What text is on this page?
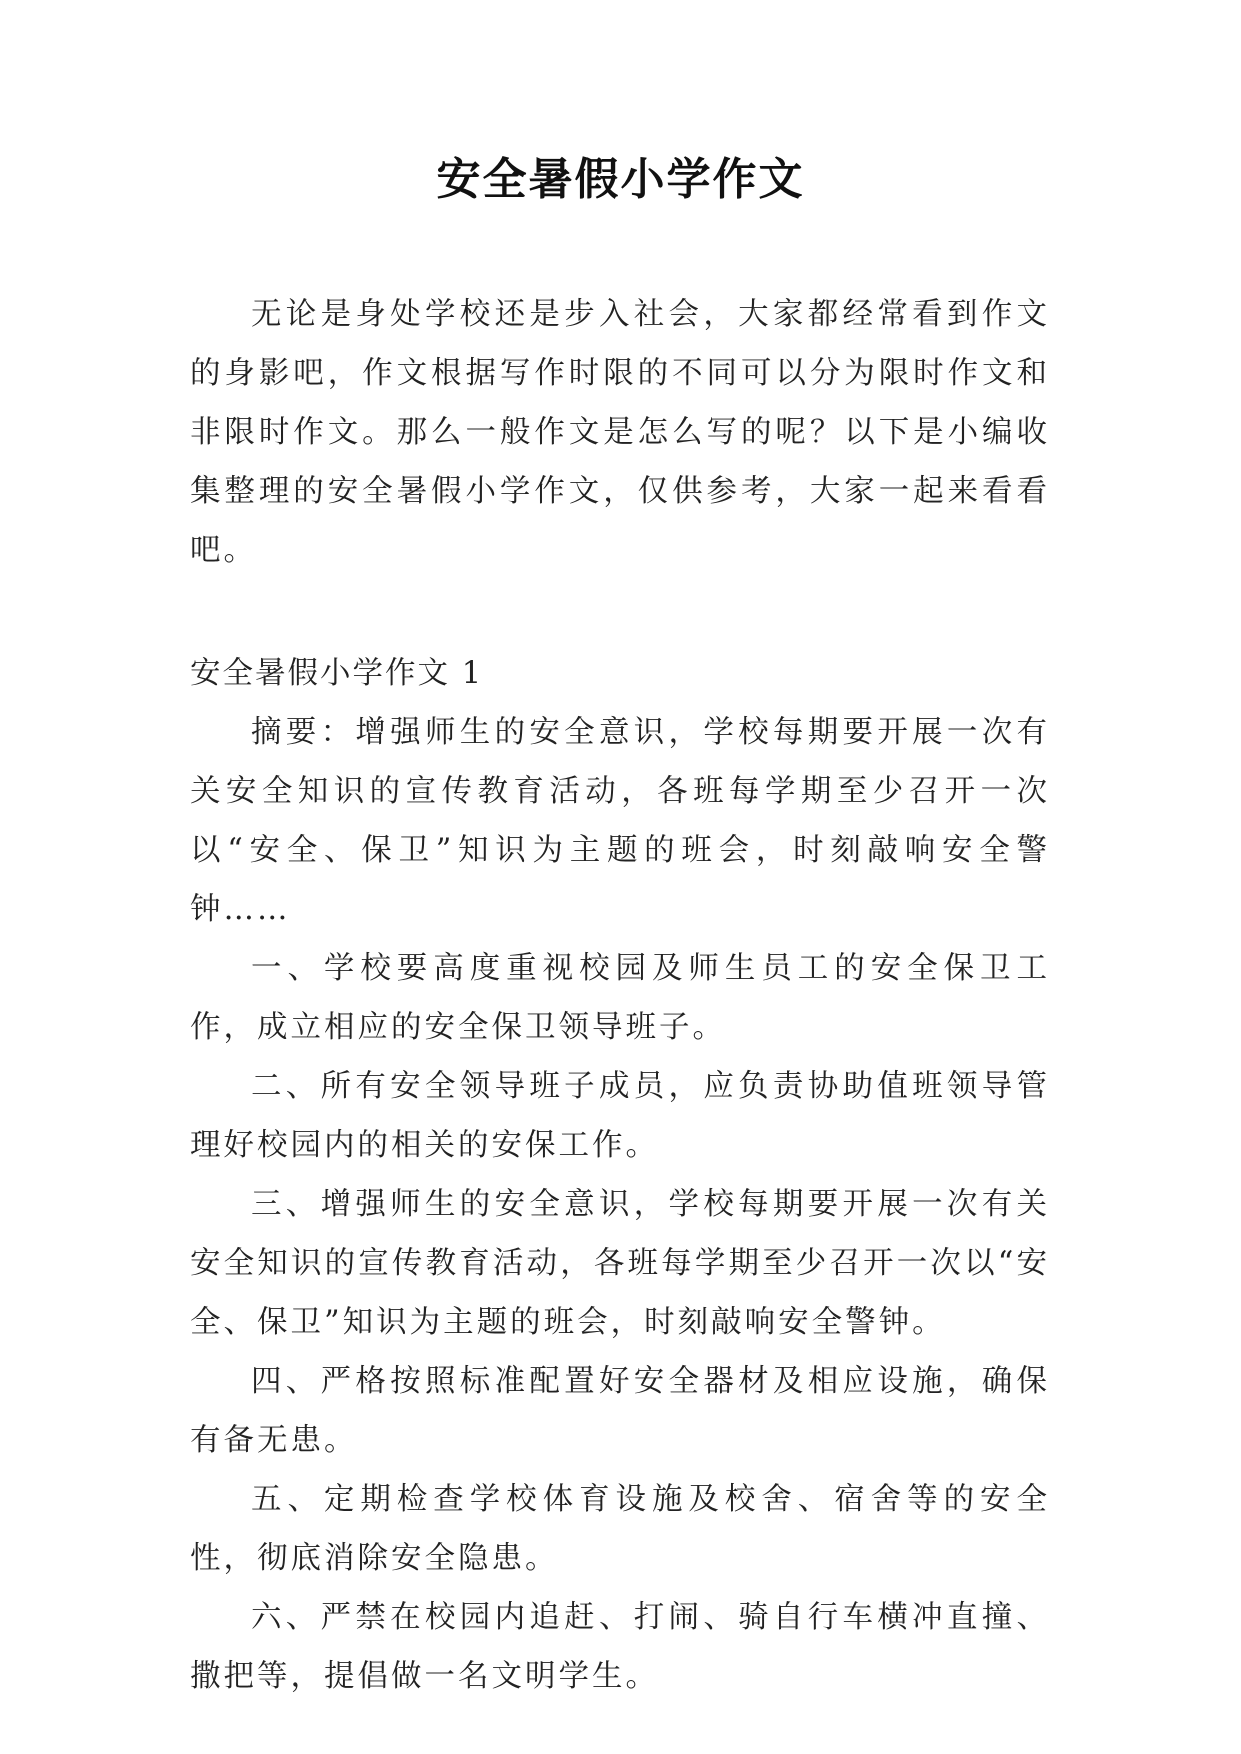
安全暑假小学作文

无论是身处学校还是步入社会，大家都经常看到作文的身影吧，作文根据写作时限的不同可以分为限时作文和非限时作文。那么一般作文是怎么写的呢？以下是小编收集整理的安全暑假小学作文，仅供参考，大家一起来看看吧。

安全暑假小学作文 1

摘要：增强师生的安全意识，学校每期要开展一次有关安全知识的宣传教育活动，各班每学期至少召开一次以“安全、保卫”知识为主题的班会，时刻敲响安全警钟……

一、学校要高度重视校园及师生员工的安全保卫工作，成立相应的安全保卫领导班子。

二、所有安全领导班子成员，应负责协助值班领导管理好校园内的相关的安保工作。

三、增强师生的安全意识，学校每期要开展一次有关安全知识的宣传教育活动，各班每学期至少召开一次以“安全、保卫”知识为主题的班会，时刻敲响安全警钟。

四、严格按照标准配置好安全器材及相应设施，确保有备无患。

五、定期检查学校体育设施及校舍、宿舍等的安全性，彻底消除安全隐患。

六、严禁在校园内追赶、打闹、骑自行车横冲直撞、撒把等，提倡做一名文明学生。
